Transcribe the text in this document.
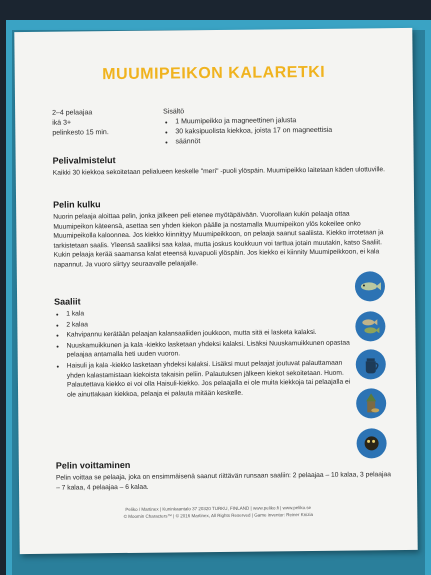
MUUMIPEIKON KALARETKI
2–4 pelaajaa
ikä 3+
pelinkesto 15 min.
Sisältö
• 1 Muumipeikko ja magneettinen jalusta
• 30 kaksipuolista kiekkoa, joista 17 on magneettisia
• säännöt
Pelivalmistelut

Kaikki 30 kiekkoa sekoitetaan pelialueen keskelle "meri" -puoli ylöspäin. Muumipeikko laitetaan käden ulottuville.

Pelin kulku

Nuorin pelaaja aloittaa pelin, jonka jälkeen peli etenee myötäpäivään. Vuorollaan kukin pelaaja ottaa Muumipeikon käteensä, asettaa sen yhden kiekon päälle ja nostamalla Muumipeikon ylös kokeilee onko Muumipeikolla kaloonnea. Jos kiekko kiinnittyy Muumipeikkoon, on pelaaja saanut saaliista. Kiekko irrotetaan ja tarkistetaan saalis. Yleensä saaliiksi saa kalaa, mutta joskus koukkuun voi tarttua jotain muutakin, katso Saaliit. Kukin pelaaja kerää saamansa kalat eteensä kuvapuoli ylöspäin. Jos kiekko ei kiinnity Muumipeikkoon, ei kala napannut. Ja vuoro siirtyy seuraavalle pelaajalle.

Saaliit
• 1 kala
• 2 kalaa
• Kahvipannu kerätään pelaajan kalansaaliiden joukkoon, mutta sitä ei lasketa kalaksi.
• Nuuskamuikkunen ja kala -kiekko lasketaan yhdeksi kalaksi. Lisäksi Nuuskamuikkunen opastaa pelaajaa antamalla heti uuden vuoron.
• Haisuli ja kala -kiekko lasketaan yhdeksi kalaksi. Lisäksi muut pelaajat joutuvat palauttamaan yhden kalastamistaan kiekoista takaisin peliin. Palautuksen jälkeen kiekot sekoitetaan. Huom. Palautettava kiekko ei voi olla Haisuli-kiekko. Jos pelaajalla ei ole muita kiekkoja tai pelaajalla ei ole ainuttakaan kiekkoa, pelaaja ei palauta mitään keskelle.
Pelin voittaminen

Pelin voittaa se pelaaja, joka on ensimmäisenä saanut riittävän runsaan saaliin: 2 pelaajaa – 10 kalaa, 3 pelaajaa – 7 kalaa, 4 pelaajaa – 6 kalaa.

Peliko / Martinex | Kuninkaantalo 37 20320 TURKU, FINLAND | www.peliko.fi | www.peliko.se
© Moomin Characters™ | © 2016 Martinex, All Rights Reserved | Game inventor: Reiner Knizia
